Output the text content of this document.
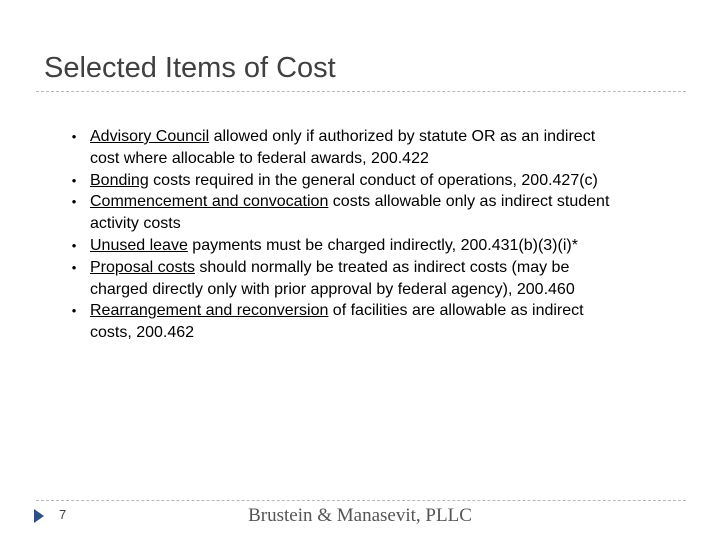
Selected Items of Cost
• Advisory Council allowed only if authorized by statute OR as an indirect cost where allocable to federal awards, 200.422
• Bonding costs required in the general conduct of operations, 200.427(c)
• Commencement and convocation costs allowable only as indirect student activity costs
• Unused leave payments must be charged indirectly, 200.431(b)(3)(i)*
• Proposal costs should normally be treated as indirect costs (may be charged directly only with prior approval by federal agency), 200.460
• Rearrangement and reconversion of facilities are allowable as indirect costs, 200.462
7	Brustein & Manasevit, PLLC
